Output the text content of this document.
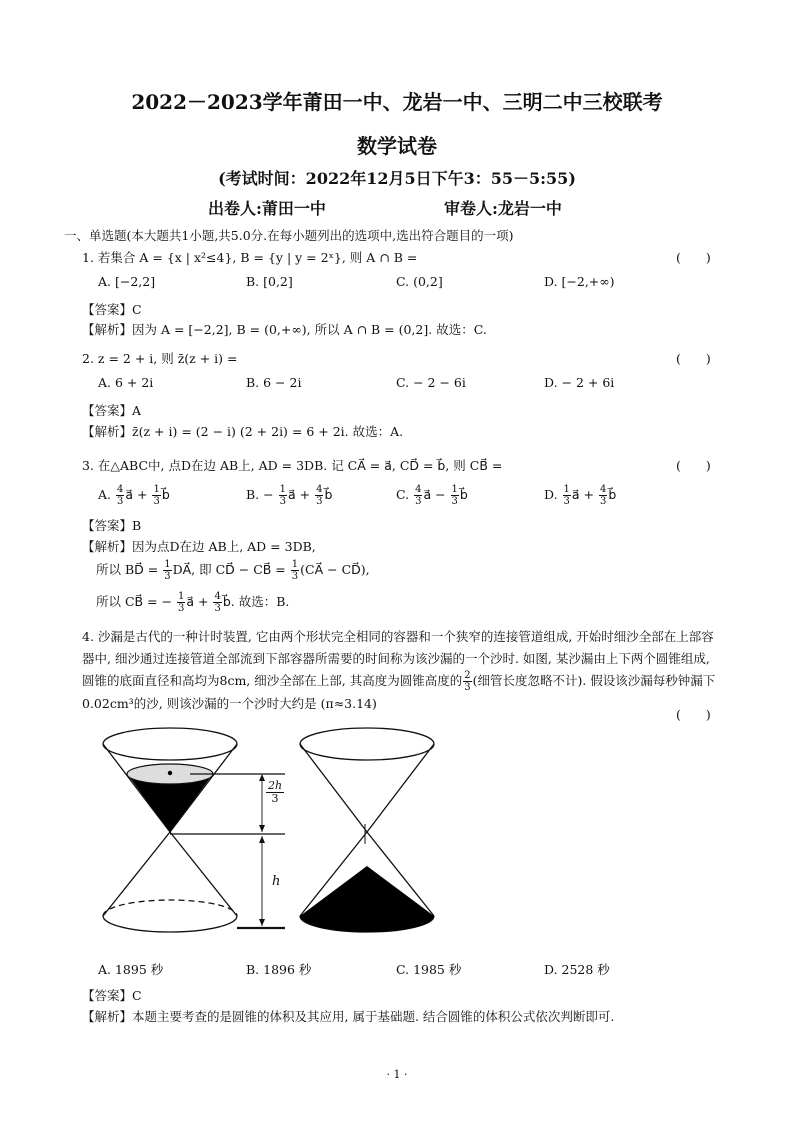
2022－2023学年莆田一中、龙岩一中、三明二中三校联考
数学试卷
(考试时间：2022年12月5日下午3：55－5:55)
出卷人:莆田一中	审卷人:龙岩一中
一、单选题(本大题共1小题,共5.0分.在每小题列出的选项中,选出符合题目的一项)
1. 若集合 A = {x | x²≤4}, B = {y | y = 2ˣ}, 则 A ∩ B =	(　　)
A. [−2,2]	B. [0,2]	C. (0,2]	D. [−2,+∞)
【答案】C
【解析】因为 A = [−2,2], B = (0,+∞), 所以 A ∩ B = (0,2]. 故选：C.
2. z = 2 + i, 则 z̄(z + i) =	(　　)
A. 6 + 2i	B. 6 − 2i	C. − 2 − 6i	D. − 2 + 6i
【答案】A
【解析】z̄(z + i) = (2 − i) (2 + 2i) = 6 + 2i. 故选：A.
3. 在△ABC中, 点D在边 AB上, AD = 3DB. 记 CA⃗ = a⃗, CD⃗ = b⃗, 则 CB⃗ =	(　　)
A. $\frac{4}{3}$ a⃗ + $\frac{1}{3}$ b⃗	B. − $\frac{1}{3}$ a⃗ + $\frac{4}{3}$ b⃗	C. $\frac{4}{3}$ a⃗ − $\frac{1}{3}$ b⃗	D. $\frac{1}{3}$ a⃗ + $\frac{4}{3}$ b⃗
【答案】B
【解析】因为点D在边 AB上, AD = 3DB,
所以 BD⃗ = $\frac{1}{3}$ DA⃗, 即 CD⃗ − CB⃗ = $\frac{1}{3}$ (CA⃗ − CD⃗),
所以 CB⃗ = − $\frac{1}{3}$ a⃗ + $\frac{4}{3}$ b⃗. 故选：B.
4. 沙漏是古代的一种计时装置, 它由两个形状完全相同的容器和一个狭窄的连接管道组成, 开始时细沙全部在上部容器中, 细沙通过连接管道全部流到下部容器所需要的时间称为该沙漏的一个沙时. 如图, 某沙漏由上下两个圆锥组成, 圆锥的底面直径和高均为8cm, 细沙全部在上部, 其高度为圆锥高度的 $\frac{2}{3}$ (细管长度忽略不计). 假设该沙漏每秒钟漏下0.02cm³的沙, 则该沙漏的一个沙时大约是 (π≈3.14)
(　　)
2h
3
h
A. 1895 秒	B. 1896 秒	C. 1985 秒	D. 2528 秒
【答案】C
【解析】本题主要考查的是圆锥的体积及其应用, 属于基础题. 结合圆锥的体积公式依次判断即可.
· 1 ·
